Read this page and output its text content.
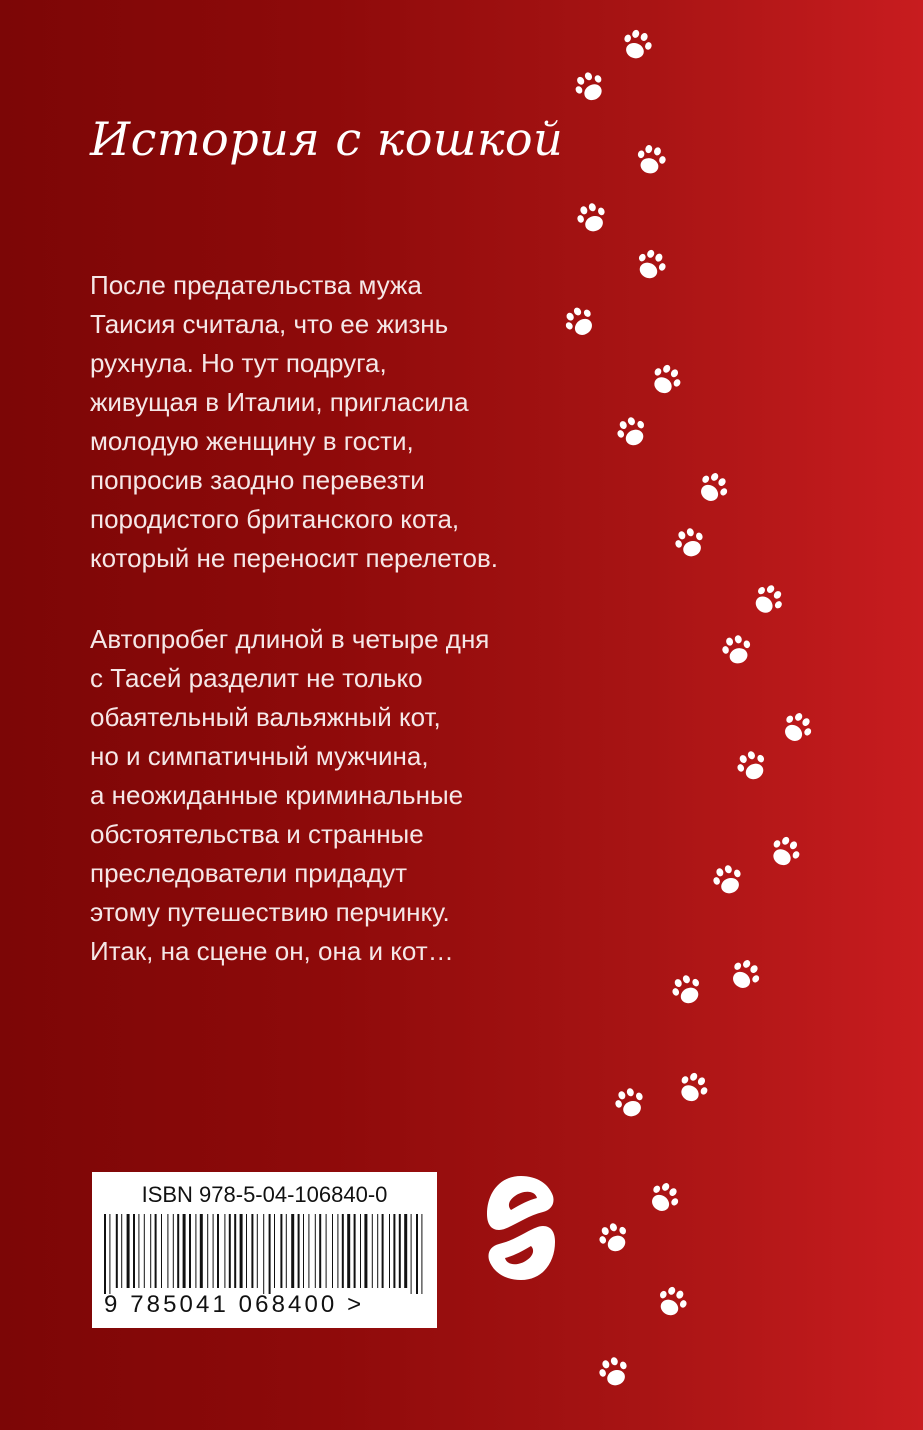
История с кошкой

После предательства мужа
Таисия считала, что ее жизнь
рухнула. Но тут подруга,
живущая в Италии, пригласила
молодую женщину в гости,
попросив заодно перевезти
породистого британского кота,
который не переносит перелетов.

Автопробег длиной в четыре дня
с Тасей разделит не только
обаятельный вальяжный кот,
но и симпатичный мужчина,
а неожиданные криминальные
обстоятельства и странные
преследователи придадут
этому путешествию перчинку.
Итак, на сцене он, она и кот…

ISBN 978-5-04-106840-0
9 785041 068400 >
